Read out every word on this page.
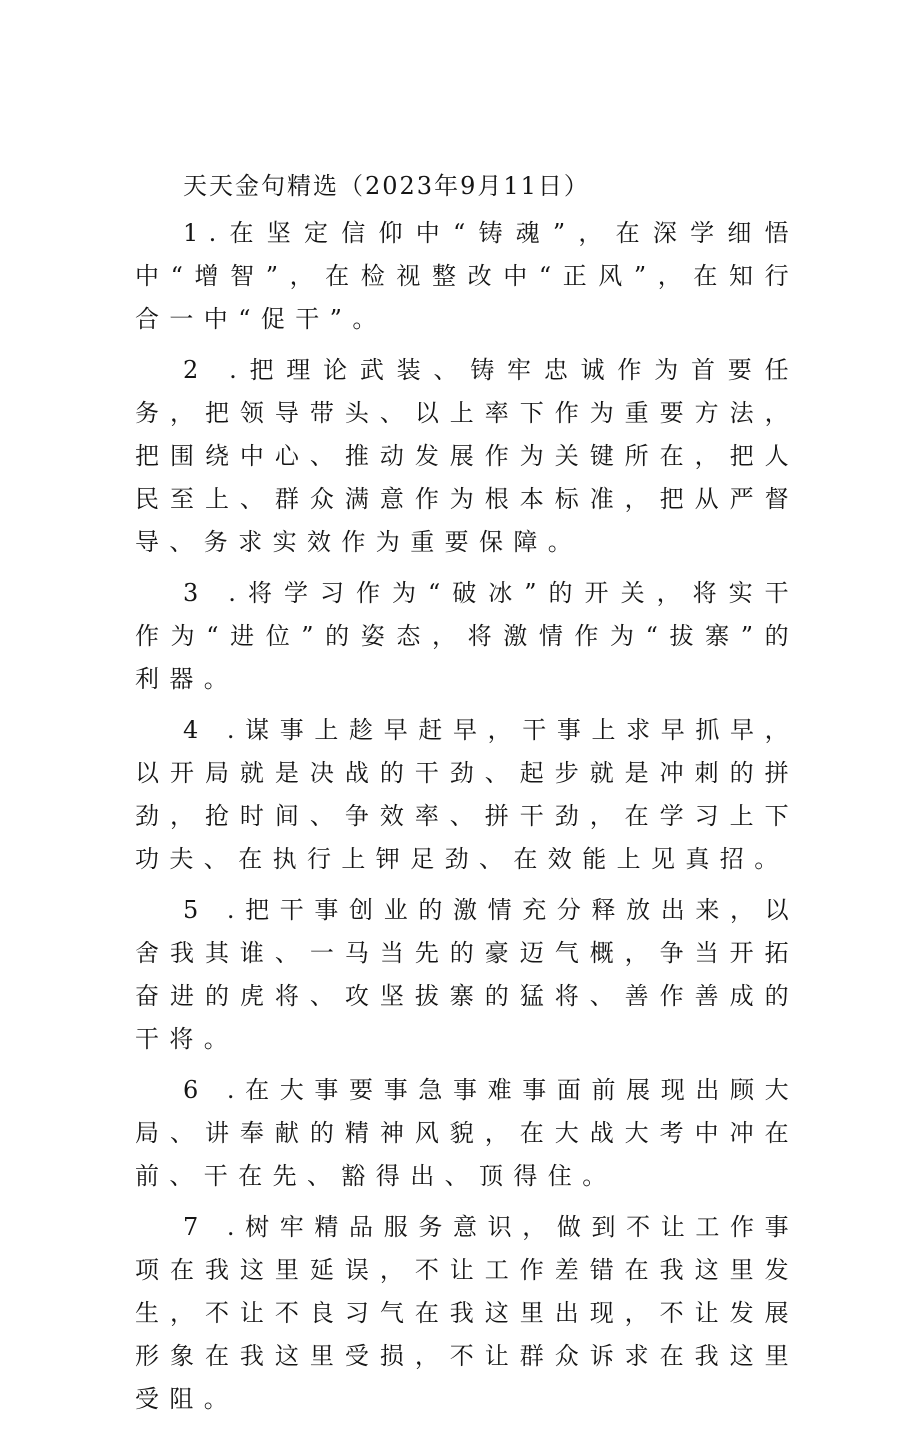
天天金句精选（2023年9月11日）

1.在坚定信仰中“铸魂”，在深学细悟中“增智”，在检视整改中“正风”，在知行合一中“促干”。

2 .把理论武装、铸牢忠诚作为首要任务，把领导带头、以上率下作为重要方法，把围绕中心、推动发展作为关键所在，把人民至上、群众满意作为根本标准，把从严督导、务求实效作为重要保障。

3 .将学习作为“破冰”的开关，将实干作为“进位”的姿态，将激情作为“拔寨”的利器。

4 .谋事上趁早赶早，干事上求早抓早，以开局就是决战的干劲、起步就是冲刺的拼劲，抢时间、争效率、拼干劲，在学习上下功夫、在执行上钾足劲、在效能上见真招。

5 .把干事创业的激情充分释放出来，以舍我其谁、一马当先的豪迈气概，争当开拓奋进的虎将、攻坚拔寨的猛将、善作善成的干将。

6 .在大事要事急事难事面前展现出顾大局、讲奉献的精神风貌，在大战大考中冲在前、干在先、豁得出、顶得住。

7 .树牢精品服务意识，做到不让工作事项在我这里延误，不让工作差错在我这里发生，不让不良习气在我这里出现，不让发展形象在我这里受损，不让群众诉求在我这里受阻。
